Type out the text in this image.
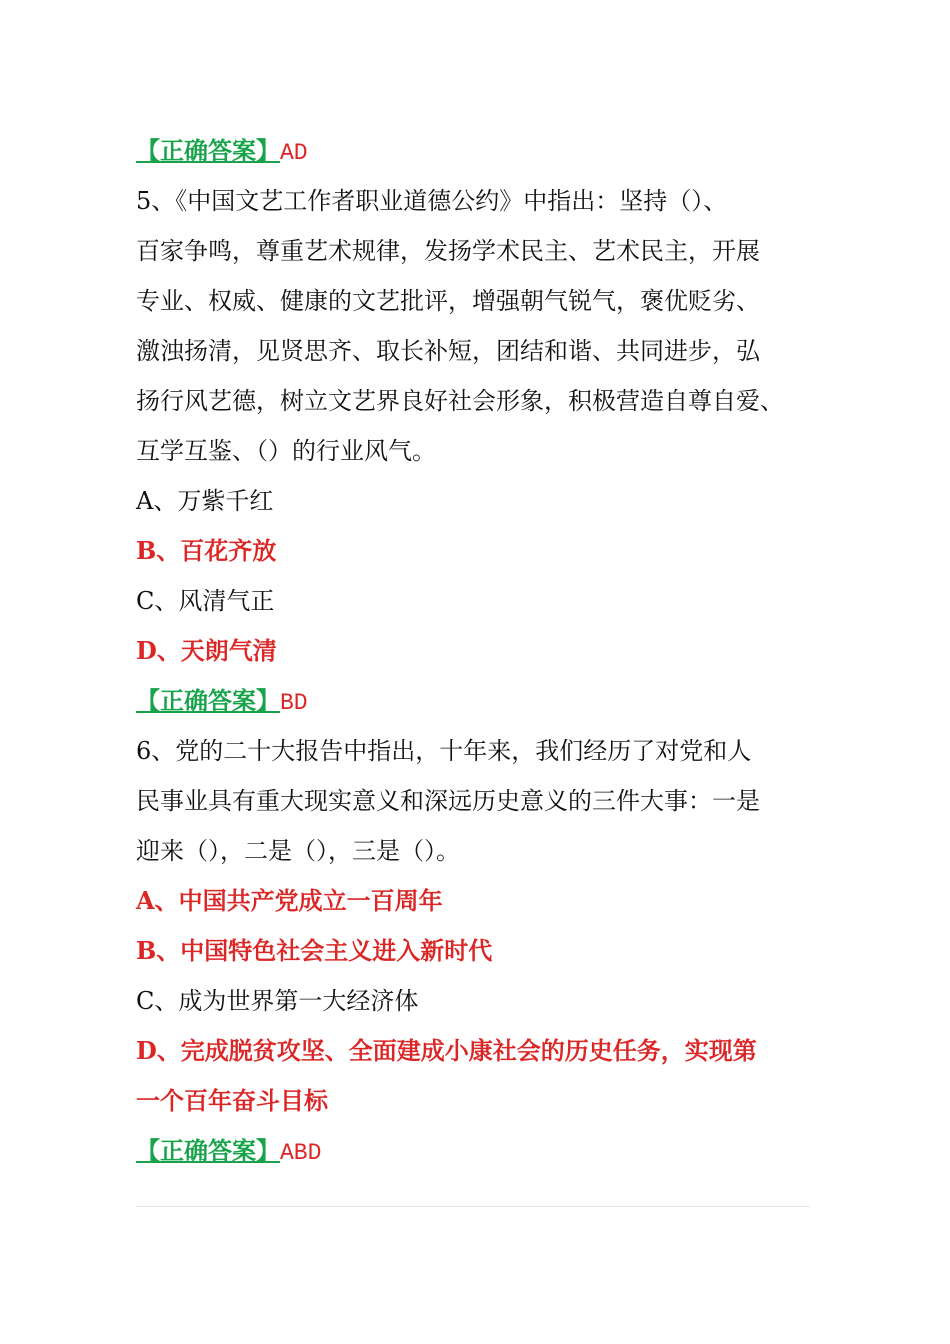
【正确答案】AD
5、《中国文艺工作者职业道德公约》中指出：坚持（）、
百家争鸣，尊重艺术规律，发扬学术民主、艺术民主，开展
专业、权威、健康的文艺批评，增强朝气锐气，褒优贬劣、
激浊扬清，见贤思齐、取长补短，团结和谐、共同进步，弘
扬行风艺德，树立文艺界良好社会形象，积极营造自尊自爱、
互学互鉴、（）的行业风气。
A、万紫千红
B、百花齐放
C、风清气正
D、天朗气清
【正确答案】BD
6、党的二十大报告中指出，十年来，我们经历了对党和人
民事业具有重大现实意义和深远历史意义的三件大事：一是
迎来（），二是（），三是（）。
A、中国共产党成立一百周年
B、中国特色社会主义进入新时代
C、成为世界第一大经济体
D、完成脱贫攻坚、全面建成小康社会的历史任务，实现第
一个百年奋斗目标
【正确答案】ABD
